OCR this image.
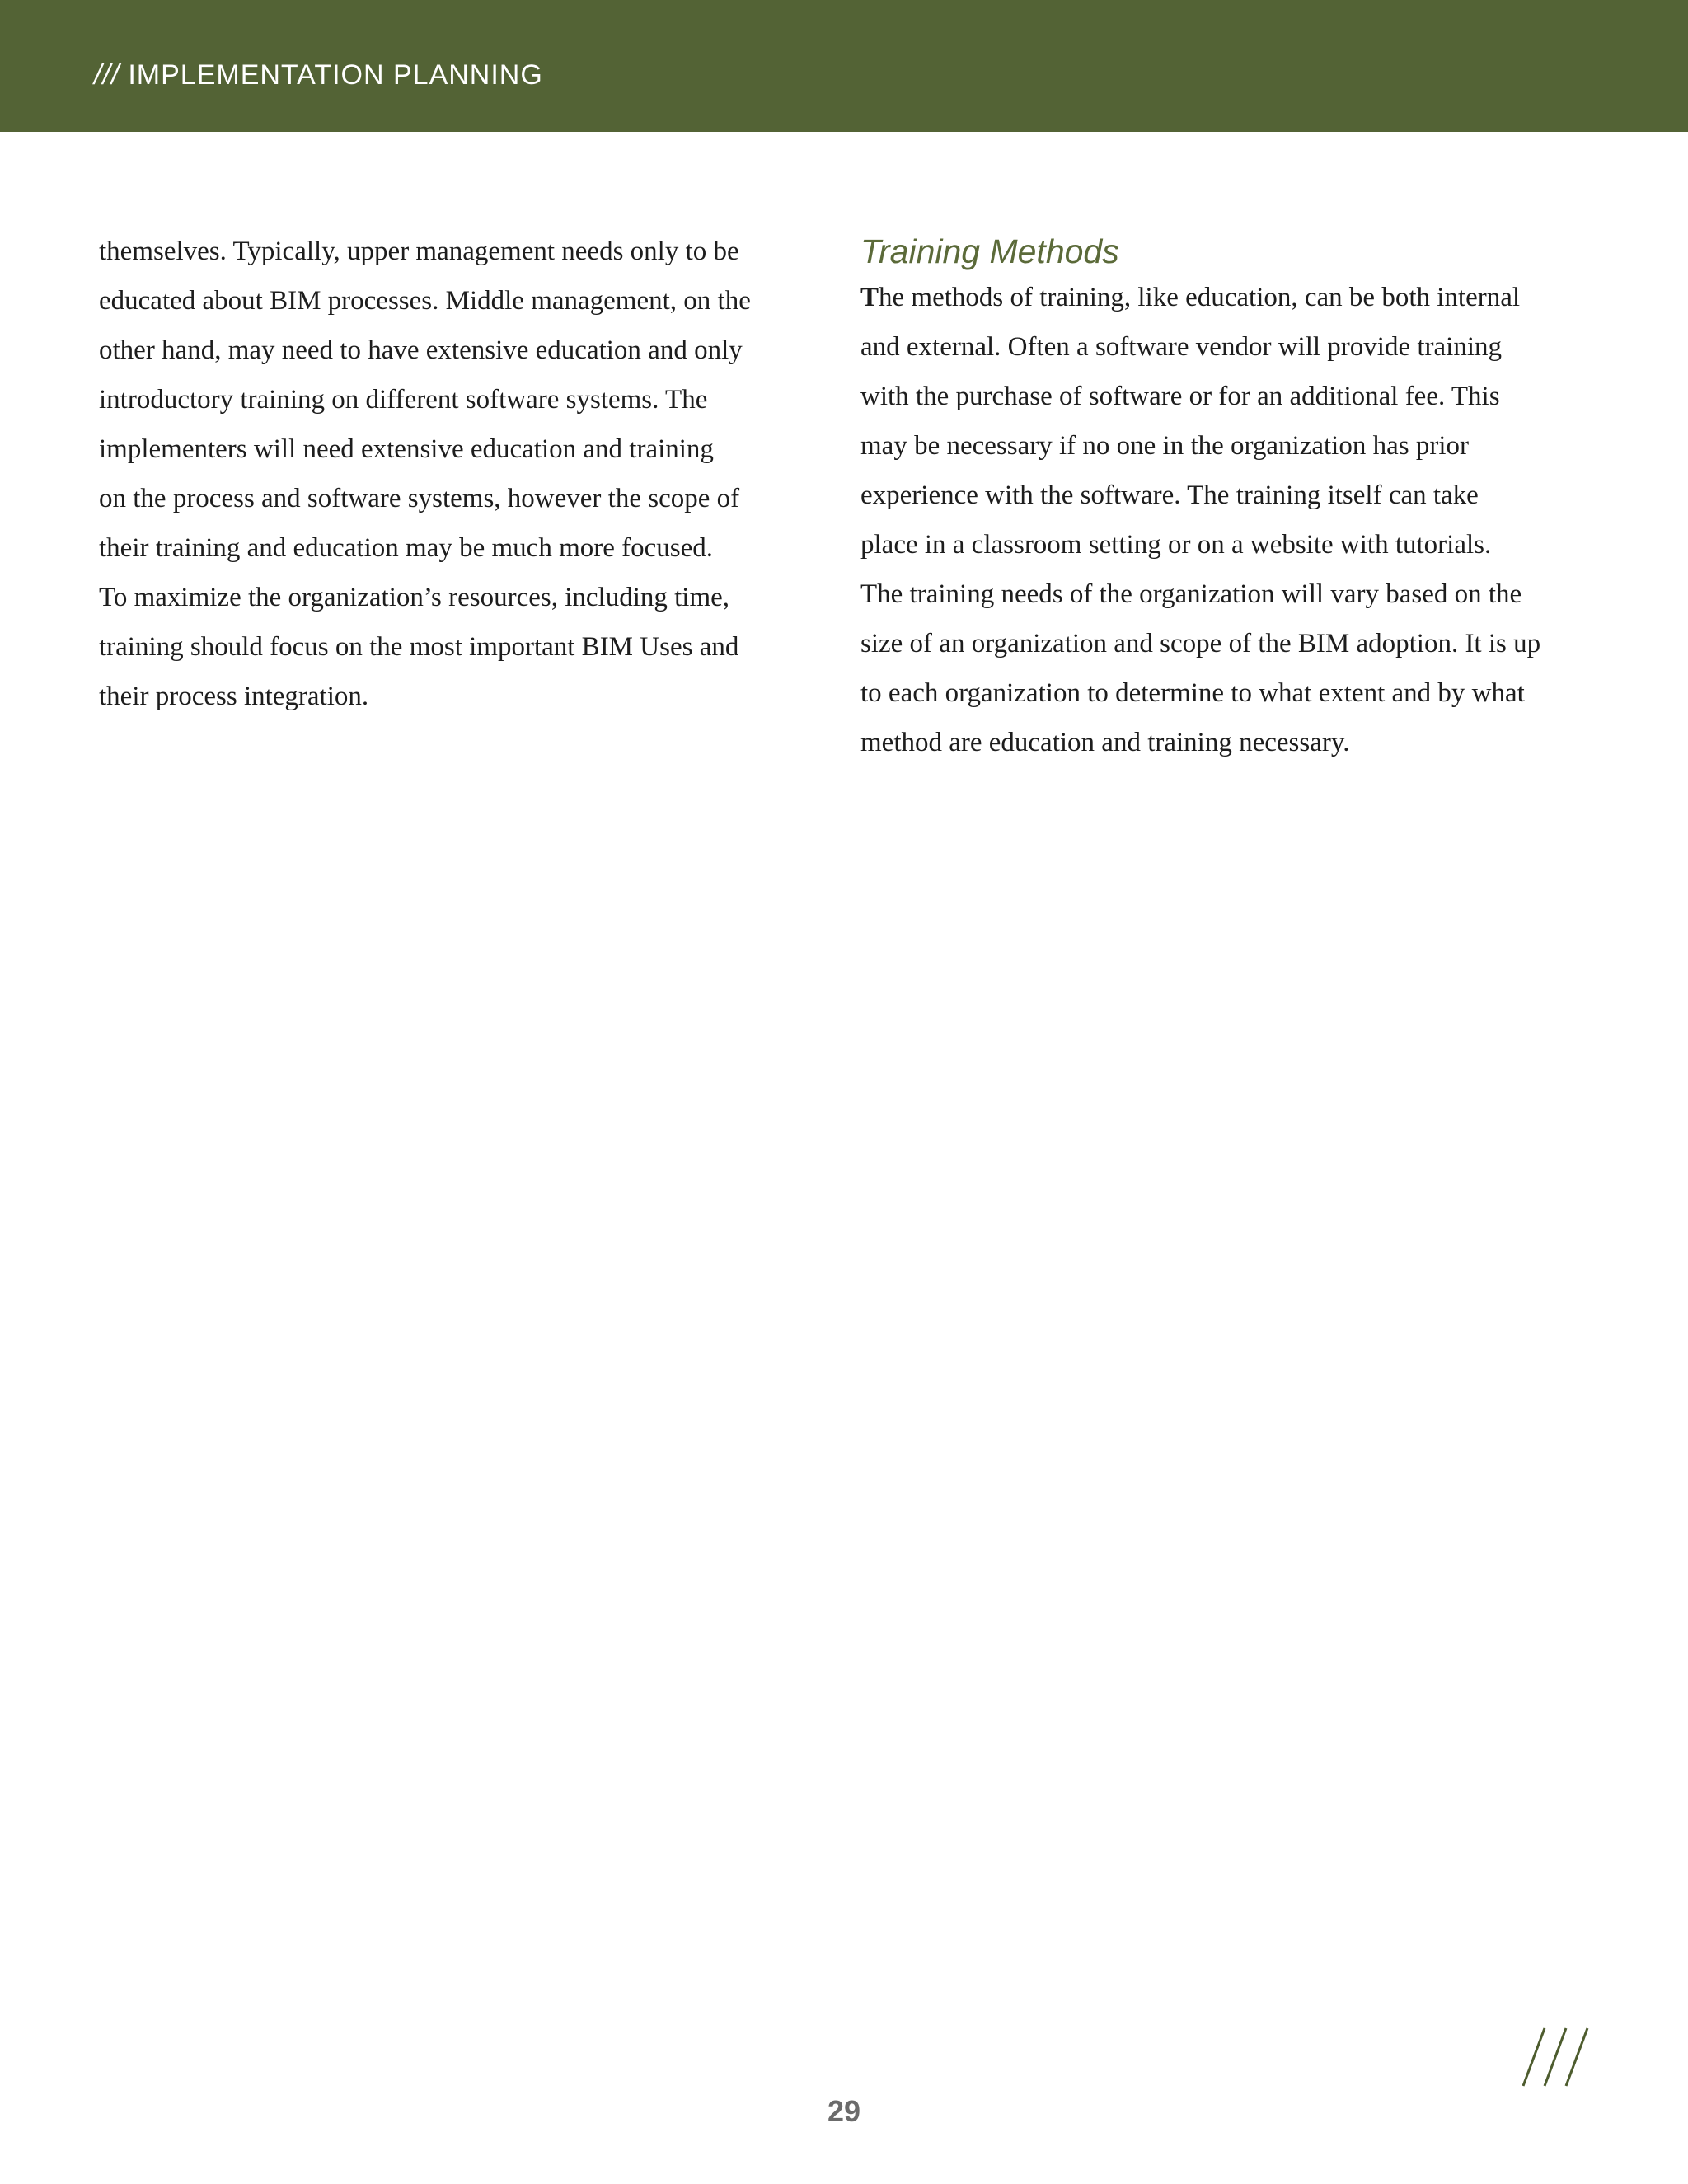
/// IMPLEMENTATION PLANNING
themselves. Typically, upper management needs only to be
educated about BIM processes. Middle management, on the
other hand, may need to have extensive education and only
introductory training on different software systems. The
implementers will need extensive education and training
on the process and software systems, however the scope of
their training and education may be much more focused.
To maximize the organization’s resources, including time,
training should focus on the most important BIM Uses and
their process integration.
Training Methods
The methods of training, like education, can be both internal
and external. Often a software vendor will provide training
with the purchase of software or for an additional fee. This
may be necessary if no one in the organization has prior
experience with the software. The training itself can take
place in a classroom setting or on a website with tutorials.
The training needs of the organization will vary based on the
size of an organization and scope of the BIM adoption. It is up
to each organization to determine to what extent and by what
method are education and training necessary.
29
